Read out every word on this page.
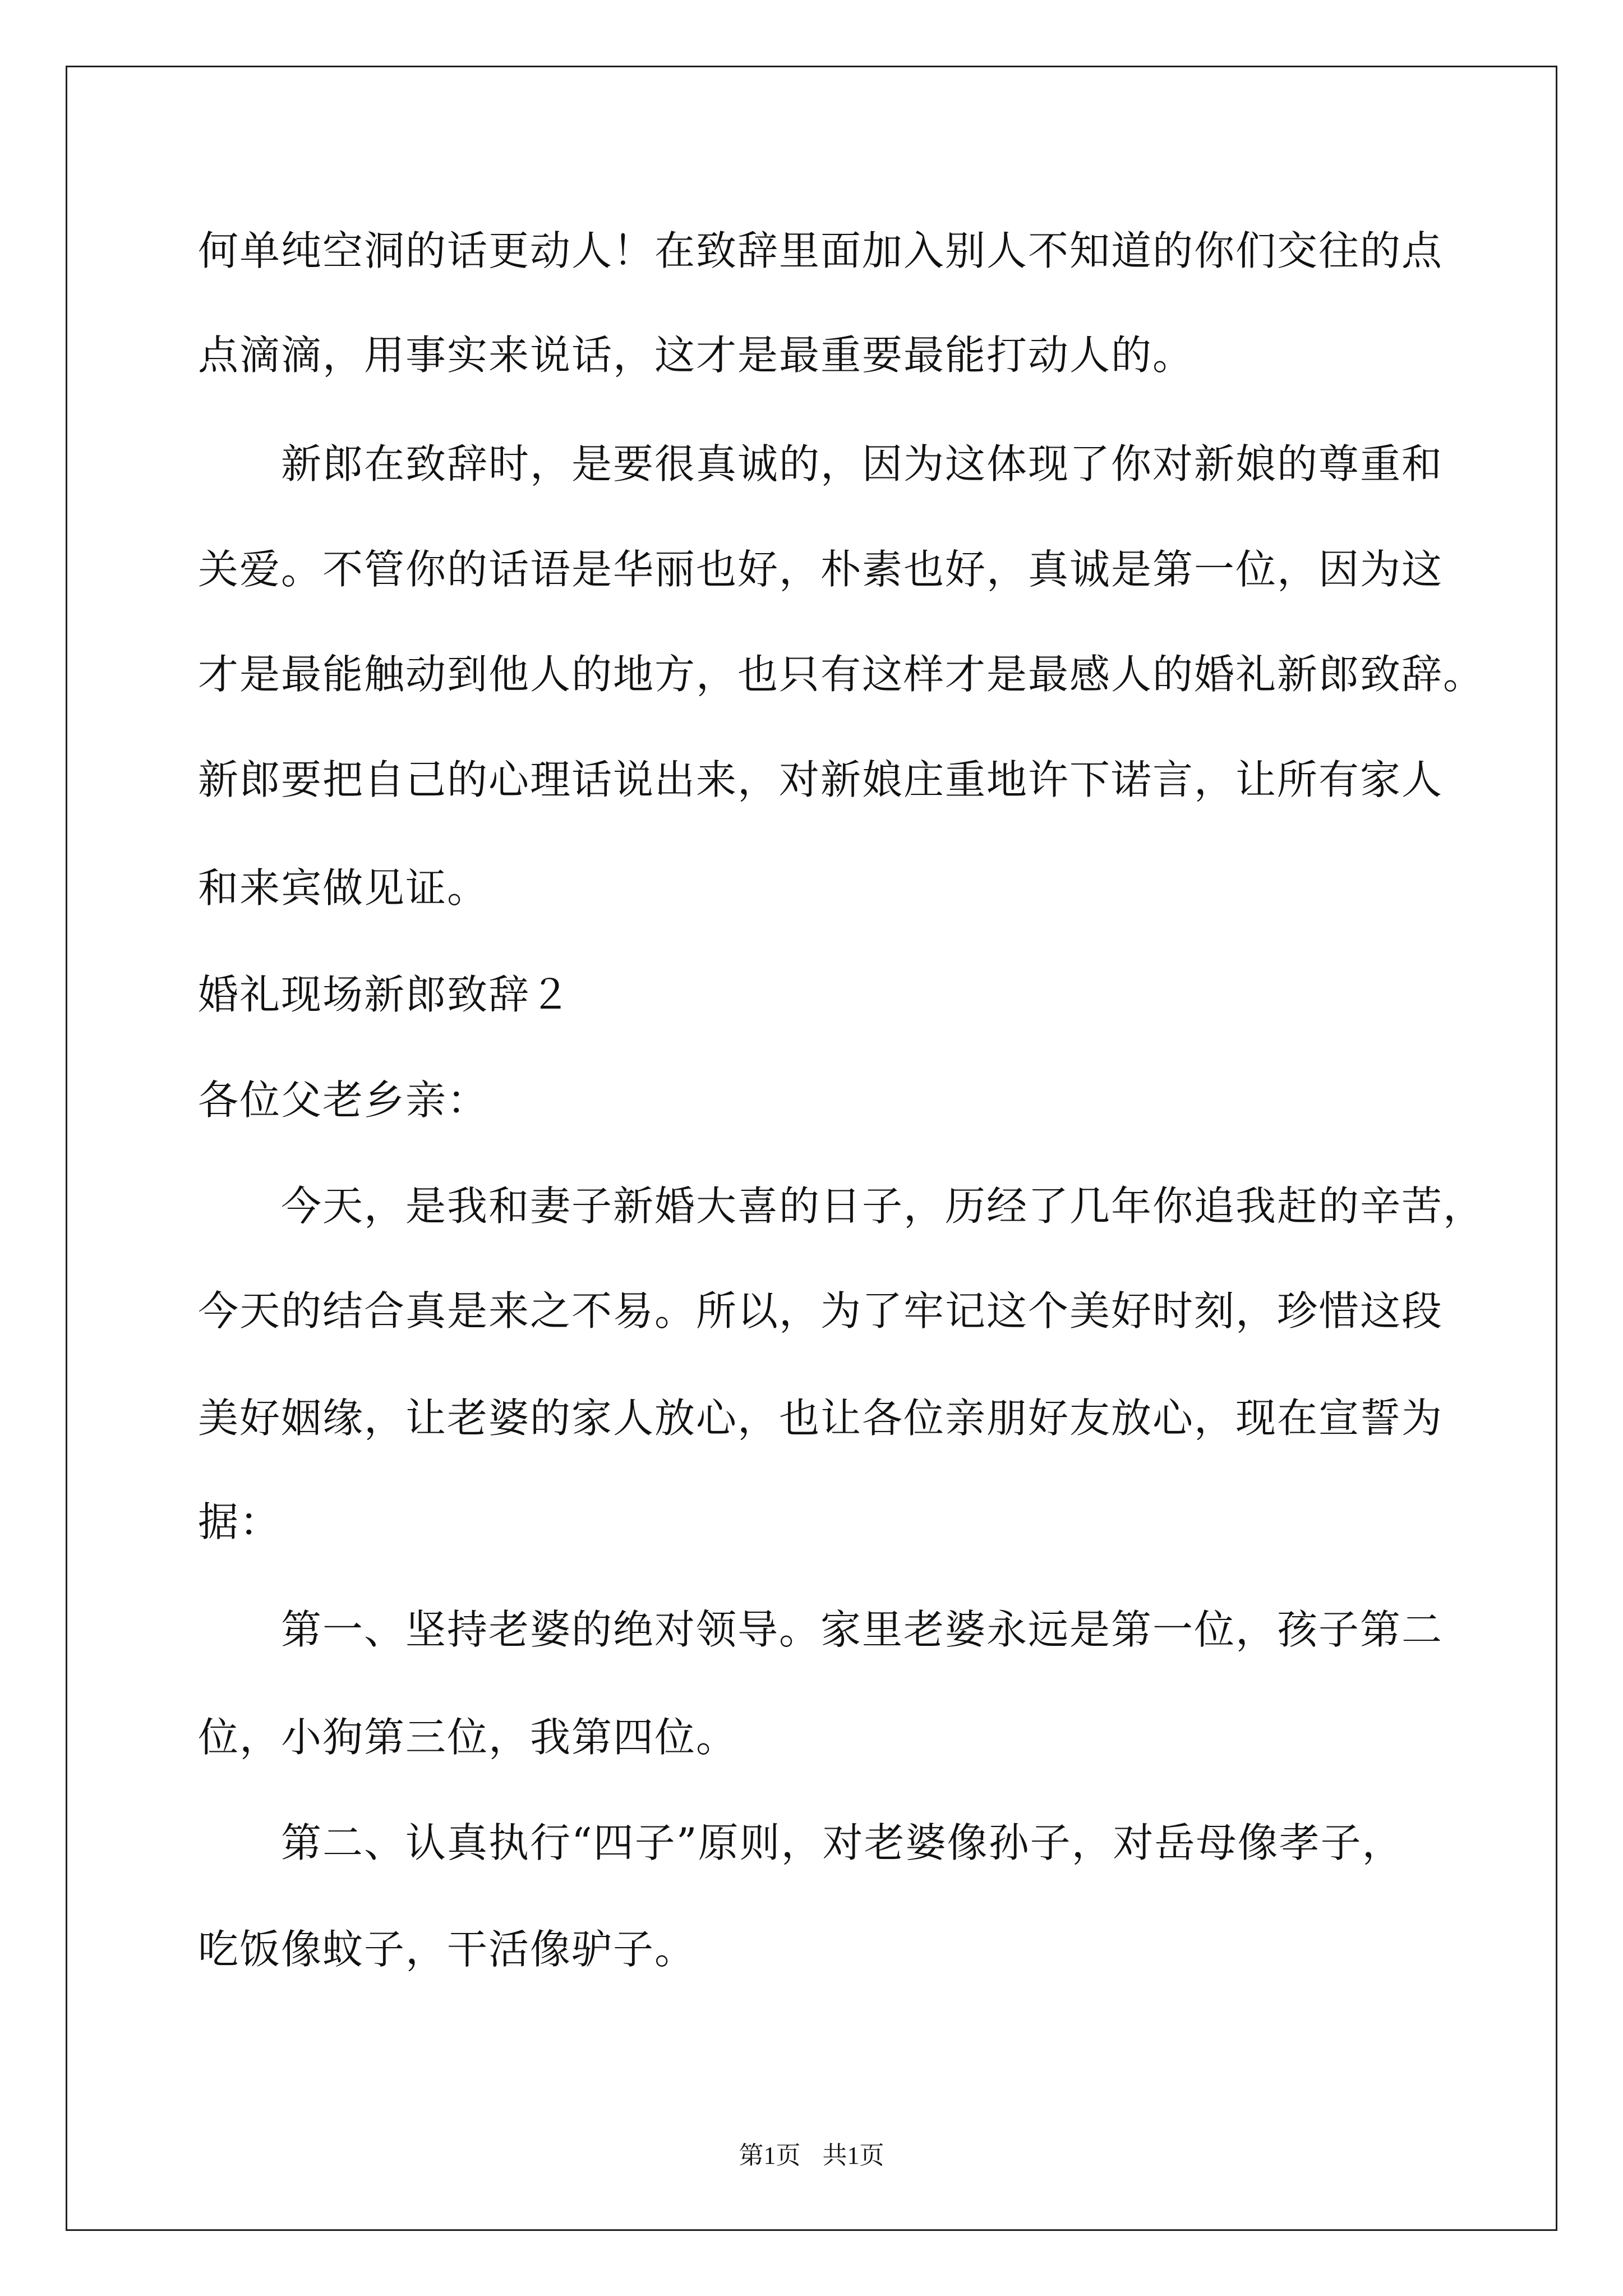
何单纯空洞的话更动人！在致辞里面加入别人不知道的你们交往的点
点滴滴，用事实来说话，这才是最重要最能打动人的。
　　新郎在致辞时，是要很真诚的，因为这体现了你对新娘的尊重和
关爱。不管你的话语是华丽也好，朴素也好，真诚是第一位，因为这
才是最能触动到他人的地方，也只有这样才是最感人的婚礼新郎致辞。
新郎要把自己的心理话说出来，对新娘庄重地许下诺言，让所有家人
和来宾做见证。
婚礼现场新郎致辞２
各位父老乡亲：
　　今天，是我和妻子新婚大喜的日子，历经了几年你追我赶的辛苦，
今天的结合真是来之不易。所以，为了牢记这个美好时刻，珍惜这段
美好姻缘，让老婆的家人放心，也让各位亲朋好友放心，现在宣誓为
据：
　　第一、坚持老婆的绝对领导。家里老婆永远是第一位，孩子第二
位，小狗第三位，我第四位。
　　第二、认真执行“四子”原则，对老婆像孙子，对岳母像孝子，
吃饭像蚊子，干活像驴子。
第1页 共1页
